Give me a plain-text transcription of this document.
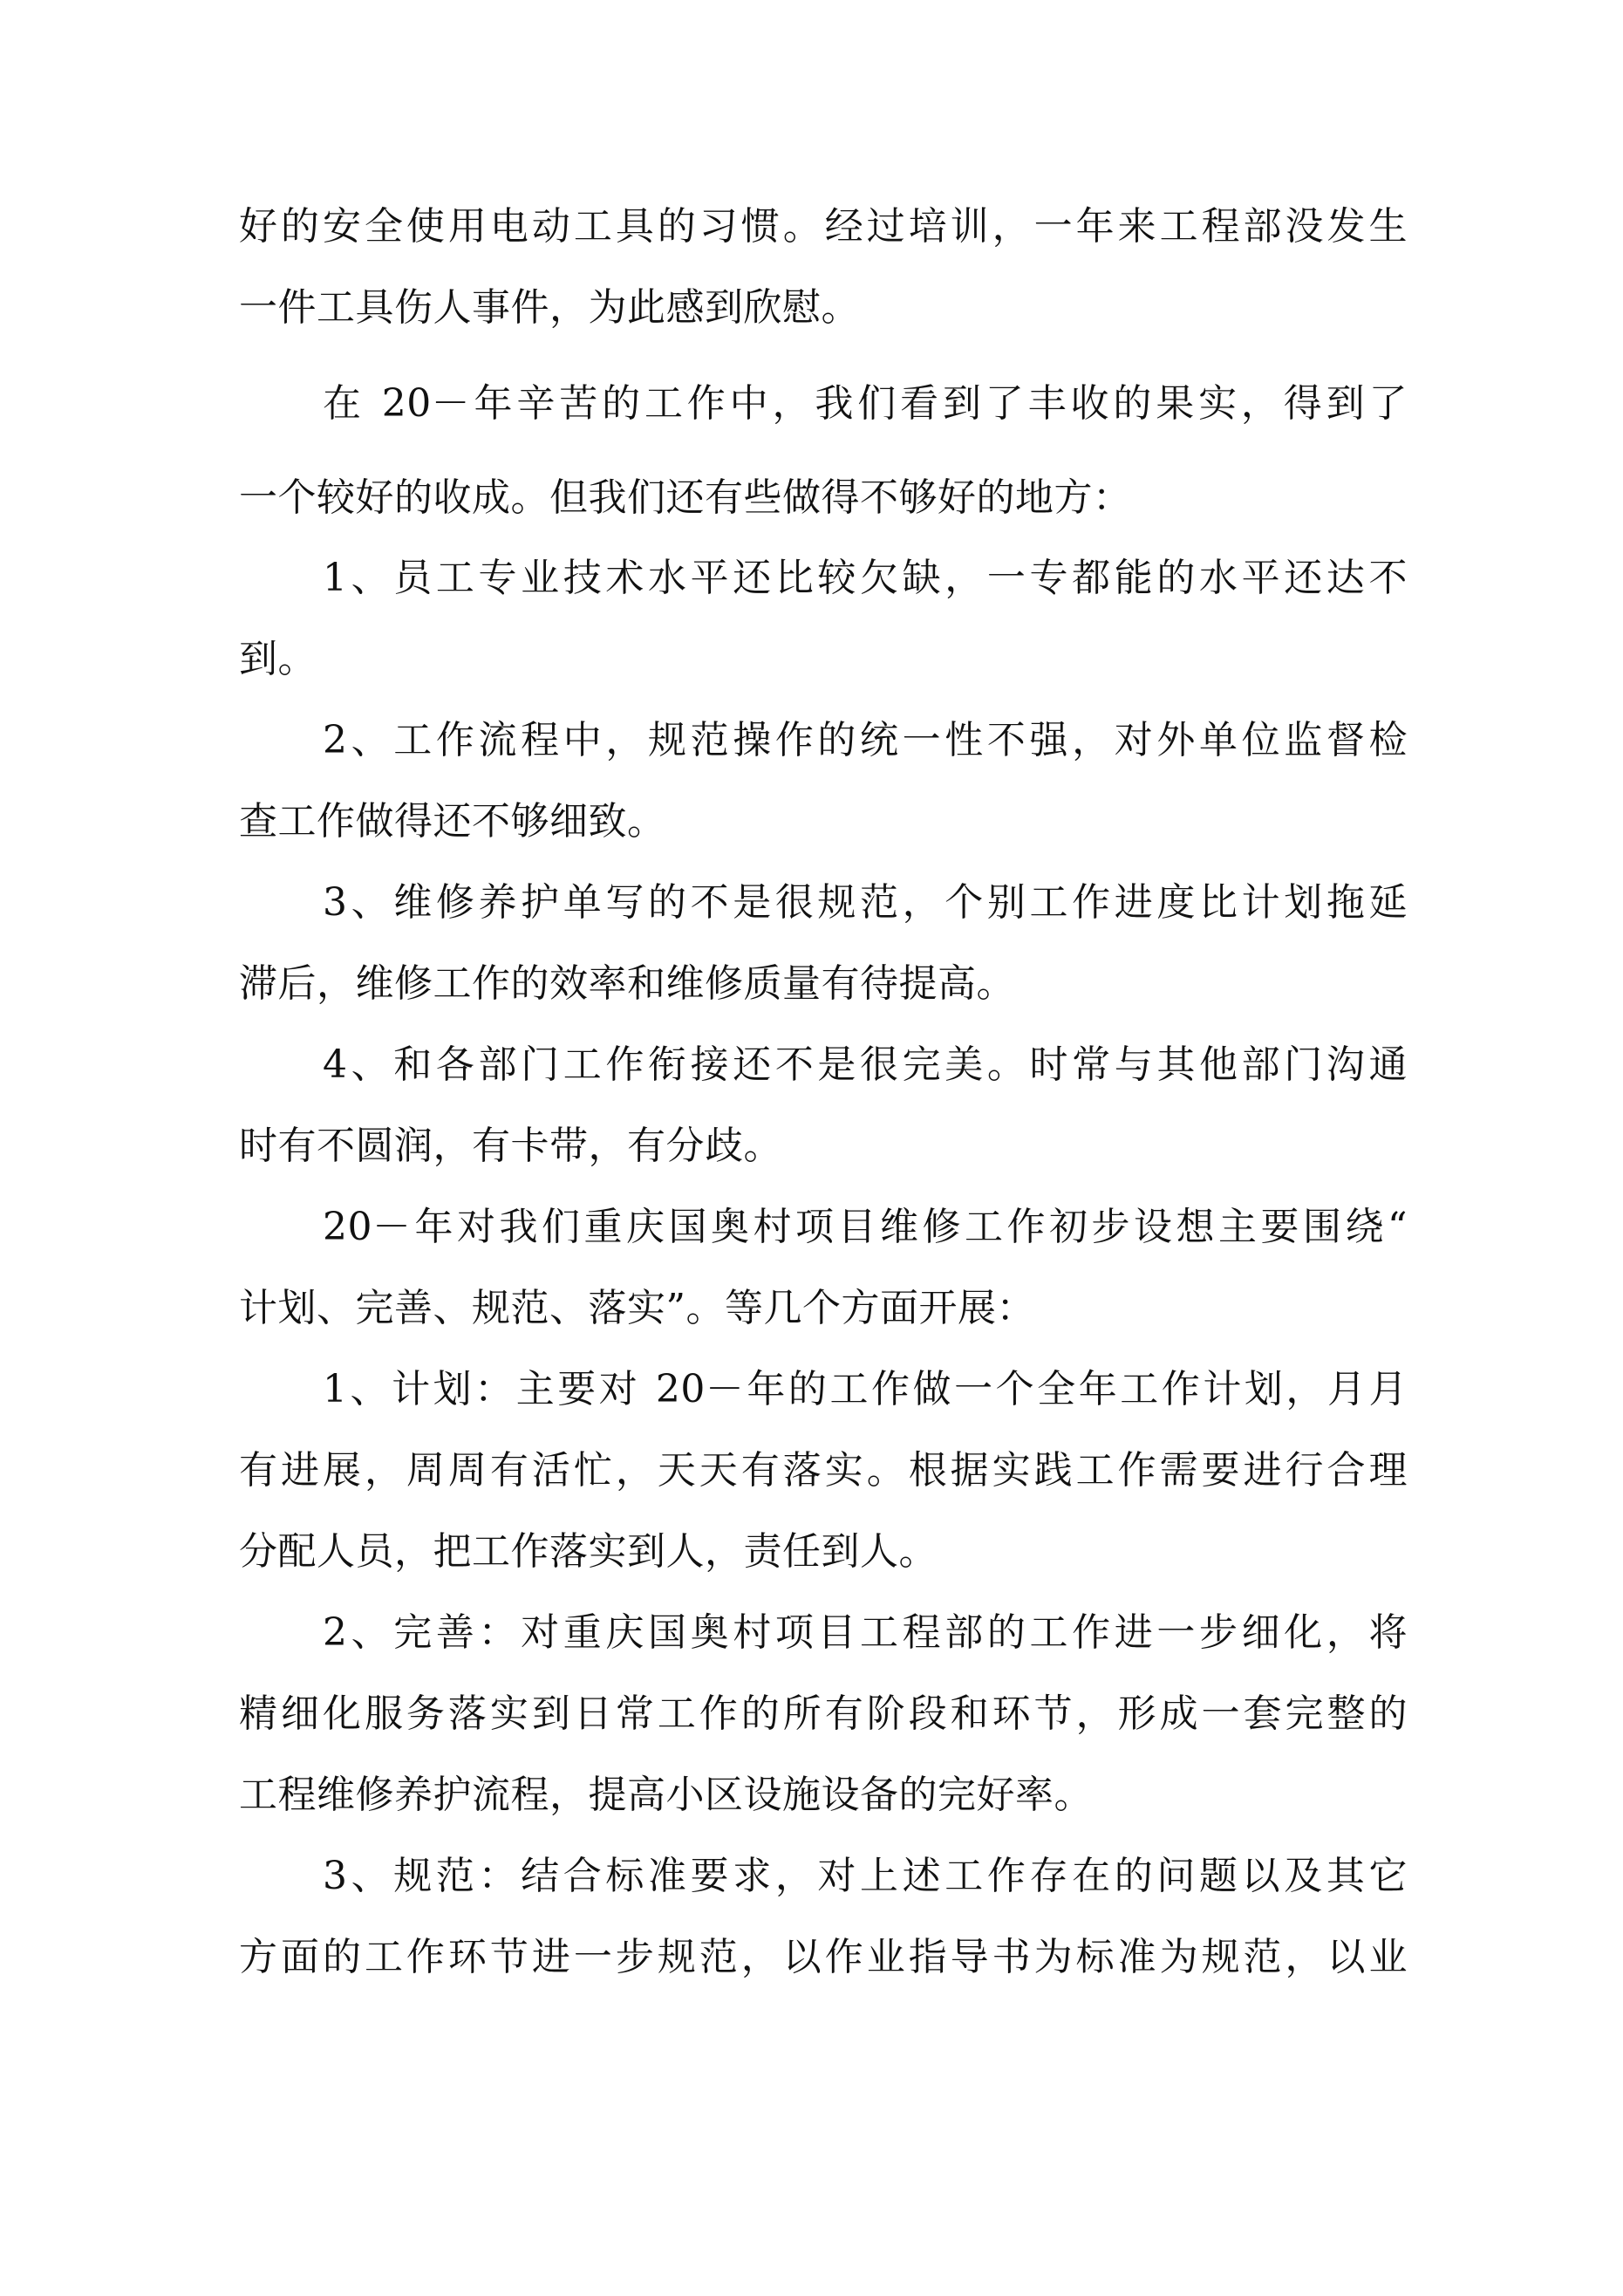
好的安全使用电动工具的习惯。经过培训，一年来工程部没发生
一件工具伤人事件，为此感到欣慰。
在 20－年辛苦的工作中，我们看到了丰收的果实，得到了
一个较好的收成。但我们还有些做得不够好的地方：
1、员工专业技术水平还比较欠缺，一专都能的水平还达不
到。
2、工作流程中，规范操作的统一性不强，对外单位监督检
查工作做得还不够细致。
3、维修养护单写的不是很规范，个别工作进度比计划拖延
滞后，维修工作的效率和维修质量有待提高。
4、和各部门工作衔接还不是很完美。时常与其他部门沟通
时有不圆润，有卡带，有分歧。
20－年对我们重庆国奥村项目维修工作初步设想主要围绕“
计划、完善、规范、落实”。等几个方面开展：
1、计划：主要对 20－年的工作做一个全年工作计划，月月
有进展，周周有活忙，天天有落实。根据实践工作需要进行合理
分配人员，把工作落实到人，责任到人。
2、完善：对重庆国奥村项目工程部的工作进一步细化，将
精细化服务落实到日常工作的所有阶段和环节，形成一套完整的
工程维修养护流程，提高小区设施设备的完好率。
3、规范：结合标准要求，对上述工作存在的问题以及其它
方面的工作环节进一步规范，以作业指导书为标准为规范，以业
